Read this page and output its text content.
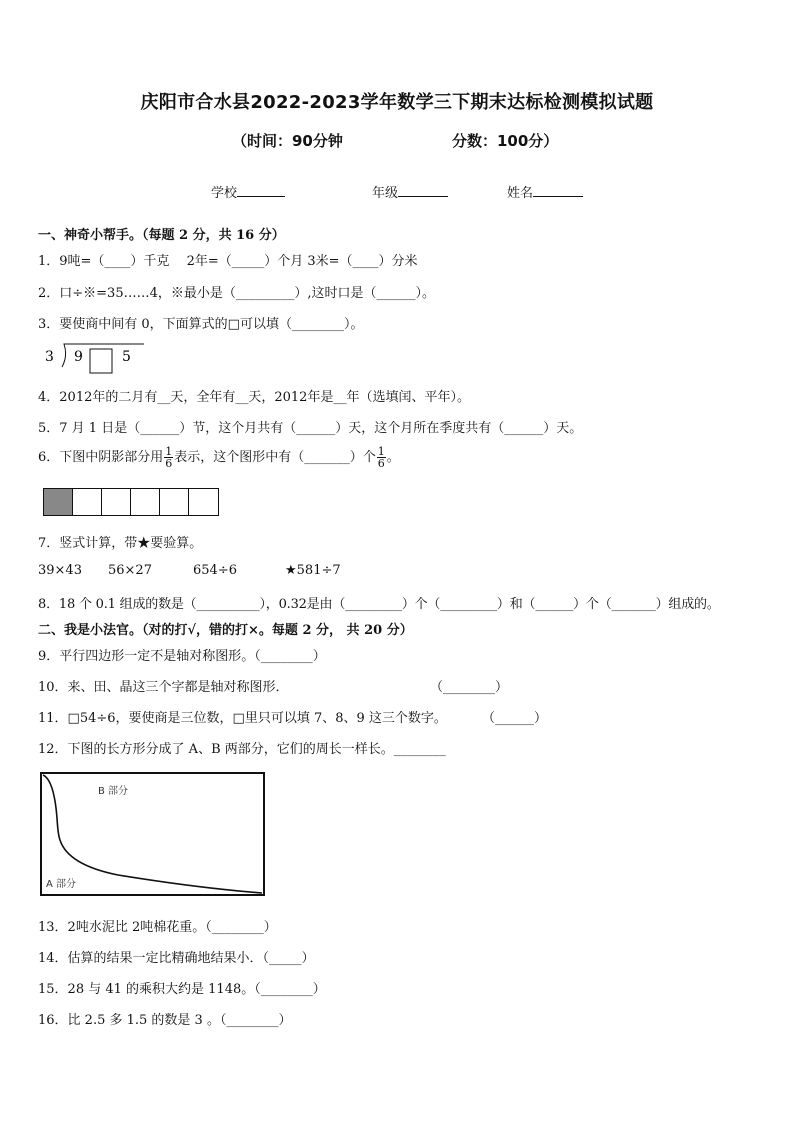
庆阳市合水县2022-2023学年数学三下期末达标检测模拟试题
（时间：90分钟	分数：100分）
学校	年级	姓名
一、神奇小帮手。（每题 2 分，共 16 分）
1．9吨=（____）千克　 2年=（_____）个月 3米=（____）分米
2．口÷※=35……4，※最小是（_________）,这时口是（______）。
3．要使商中间有 0，下面算式的□可以填（________）。
3 9	5
4．2012年的二月有__天，全年有__天，2012年是__年（选填闰、平年）。
5．7 月 1 日是（______）节，这个月共有（______）天，这个月所在季度共有（______）天。
6．下图中阴影部分用 $\frac{1}{6}$ 表示，这个图形中有（_______）个 $\frac{1}{6}$ 。
7．竖式计算，带★要验算。
39×43 56×27	654÷6	★581÷7
8．18 个 0.1 组成的数是（__________），0.32是由（_________）个（_________）和（______）个（_______）组成的。
二、我是小法官。（对的打√，错的打×。每题 2 分， 共 20 分）
9．平行四边形一定不是轴对称图形。（________）
10．来、田、晶这三个字都是轴对称图形．	（________）
11．□54÷6，要使商是三位数，□里只可以填 7、8、9 这三个数字。	（______）
12．下图的长方形分成了 A、B 两部分，它们的周长一样长。________
B 部分
A 部分
13．2吨水泥比 2吨棉花重。（________）
14．估算的结果一定比精确地结果小．（_____）
15．28 与 41 的乘积大约是 1148。（________）
16．比 2.5 多 1.5 的数是 3 。（________）
